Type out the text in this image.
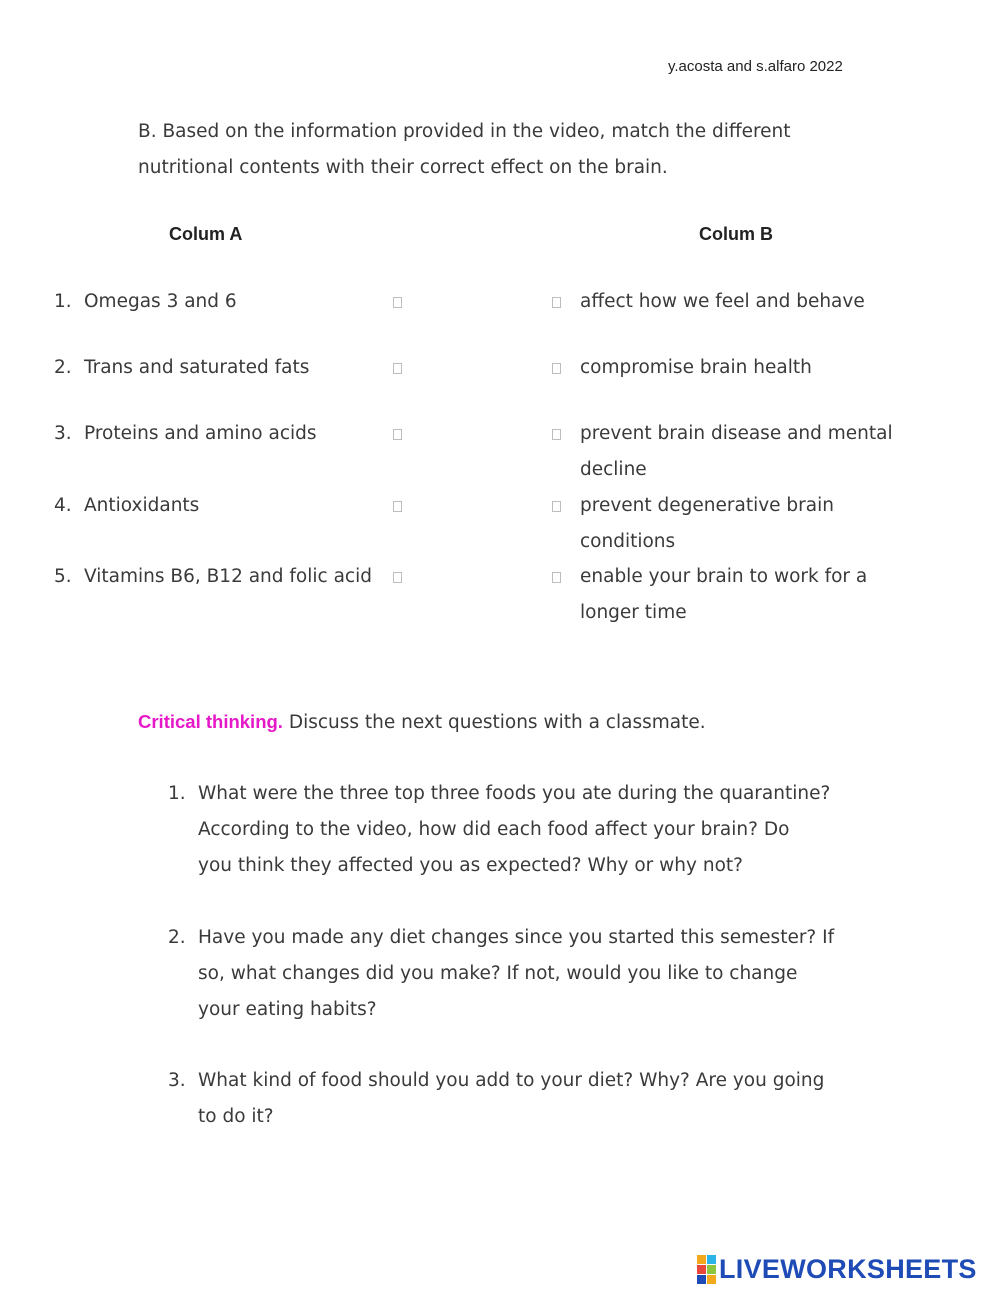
y.acosta and s.alfaro 2022
B. Based on the information provided in the video, match the different
nutritional contents with their correct effect on the brain.
Colum A	Colum B
1. Omegas 3 and 6
2. Trans and saturated fats
3. Proteins and amino acids
4. Antioxidants
5. Vitamins B6, B12 and folic acid
affect how we feel and behave
compromise brain health
prevent brain disease and mental
decline
prevent degenerative brain
conditions
enable your brain to work for a
longer time
Critical thinking. Discuss the next questions with a classmate.
1. What were the three top three foods you ate during the quarantine?
According to the video, how did each food affect your brain? Do
you think they affected you as expected? Why or why not?
2. Have you made any diet changes since you started this semester? If
so, what changes did you make? If not, would you like to change
your eating habits?
3. What kind of food should you add to your diet? Why? Are you going
to do it?
LIVEWORKSHEETS
